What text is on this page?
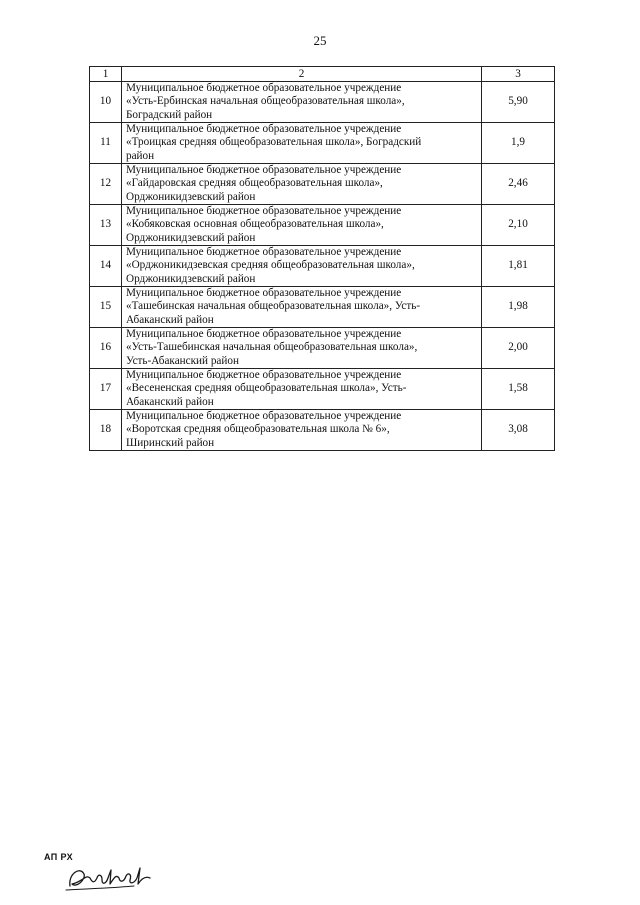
25
1	2	3
10	Муниципальное бюджетное образовательное учреждение
«Усть-Ербинская начальная общеобразовательная школа»,
Боградский район	5,90
11	Муниципальное бюджетное образовательное учреждение
«Троицкая средняя общеобразовательная школа», Боградский
район	1,9
12	Муниципальное бюджетное образовательное учреждение
«Гайдаровская средняя общеобразовательная школа»,
Орджоникидзевский район	2,46
13	Муниципальное бюджетное образовательное учреждение
«Кобяковская основная общеобразовательная школа»,
Орджоникидзевский район	2,10
14	Муниципальное бюджетное образовательное учреждение
«Орджоникидзевская средняя общеобразовательная школа»,
Орджоникидзевский район	1,81
15	Муниципальное бюджетное образовательное учреждение
«Ташебинская начальная общеобразовательная школа», Усть-
Абаканский район	1,98
16	Муниципальное бюджетное образовательное учреждение
«Усть-Ташебинская начальная общеобразовательная школа»,
Усть-Абаканский район	2,00
17	Муниципальное бюджетное образовательное учреждение
«Весененская средняя общеобразовательная школа», Усть-
Абаканский район	1,58
18	Муниципальное бюджетное образовательное учреждение
«Воротская средняя общеобразовательная школа № 6»,
Ширинский район	3,08
АП РХ
